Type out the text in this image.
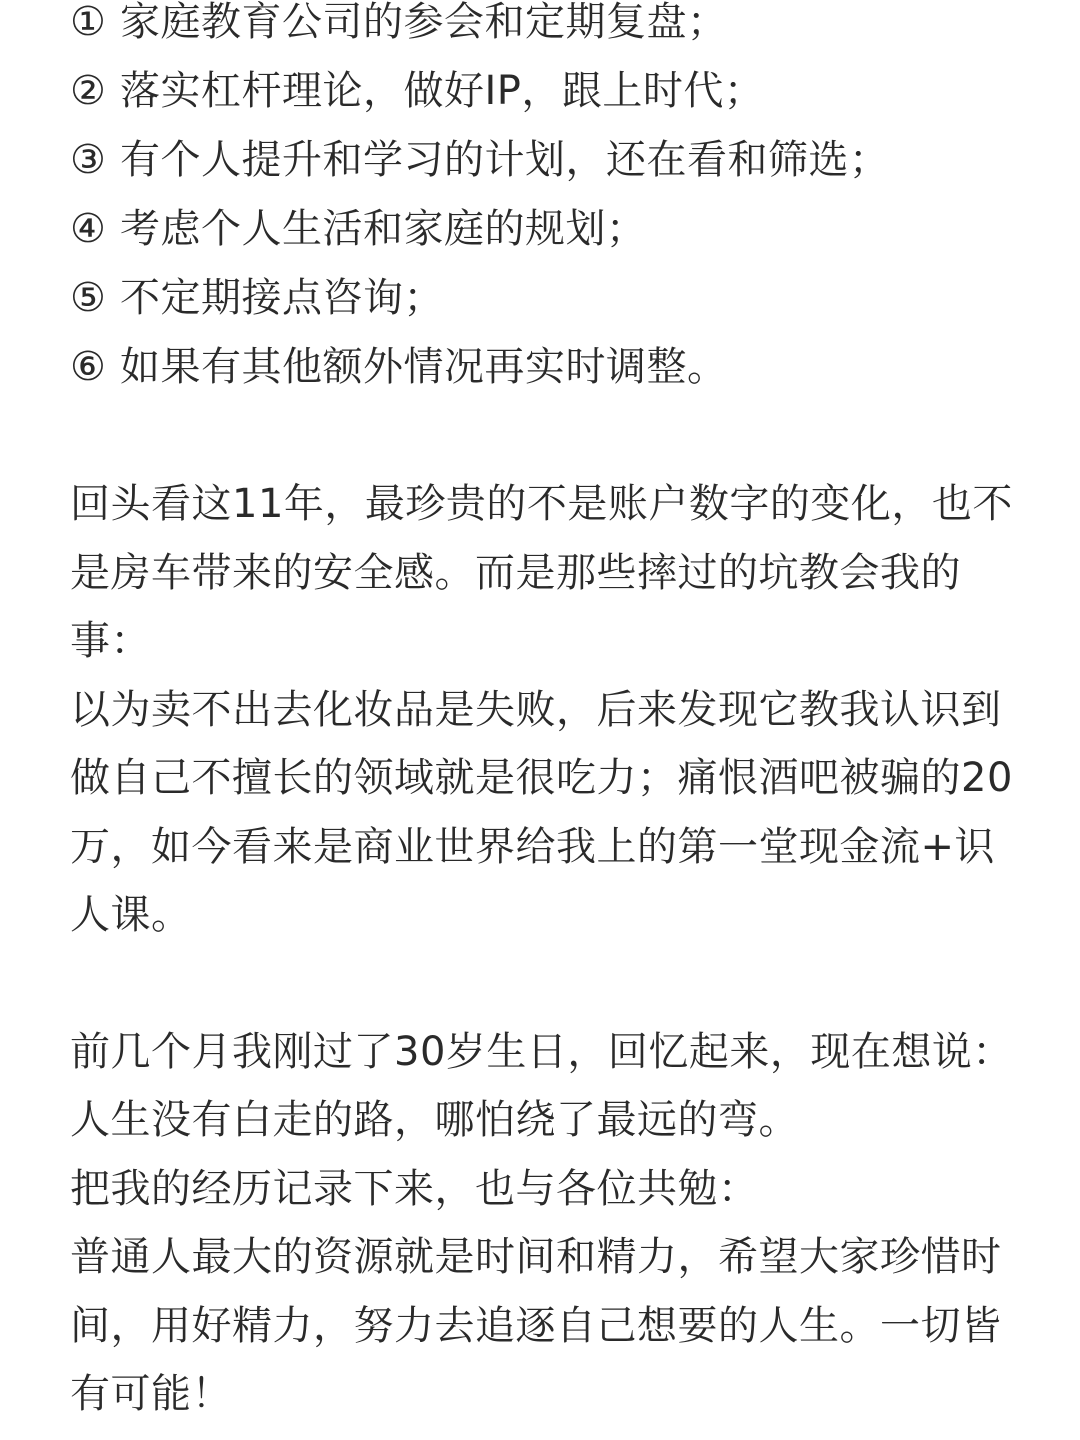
① 家庭教育公司的参会和定期复盘；
② 落实杠杆理论，做好IP，跟上时代；
③ 有个人提升和学习的计划，还在看和筛选；
④ 考虑个人生活和家庭的规划；
⑤ 不定期接点咨询；
⑥ 如果有其他额外情况再实时调整。

回头看这11年，最珍贵的不是账户数字的变化，也不是房车带来的安全感。而是那些摔过的坑教会我的事：

以为卖不出去化妆品是失败，后来发现它教我认识到做自己不擅长的领域就是很吃力；痛恨酒吧被骗的20万，如今看来是商业世界给我上的第一堂现金流+识人课。

前几个月我刚过了30岁生日，回忆起来，现在想说：人生没有白走的路，哪怕绕了最远的弯。

把我的经历记录下来，也与各位共勉：

普通人最大的资源就是时间和精力，希望大家珍惜时间，用好精力，努力去追逐自己想要的人生。一切皆有可能！
